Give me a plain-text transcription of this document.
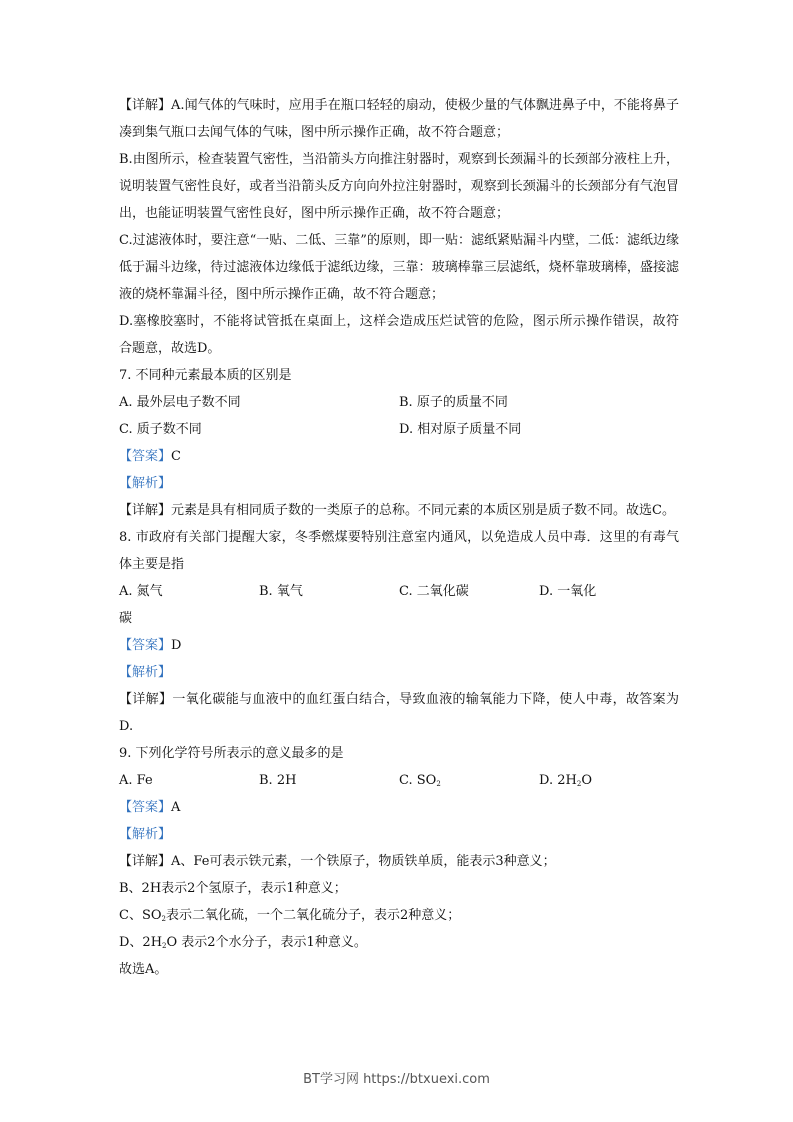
【详解】A.闻气体的气味时，应用手在瓶口轻轻的扇动，使极少量的气体飘进鼻子中，不能将鼻子凑到集气瓶口去闻气体的气味，图中所示操作正确，故不符合题意；

B.由图所示，检查装置气密性，当沿箭头方向推注射器时，观察到长颈漏斗的长颈部分液柱上升，说明装置气密性良好，或者当沿箭头反方向向外拉注射器时，观察到长颈漏斗的长颈部分有气泡冒出，也能证明装置气密性良好，图中所示操作正确，故不符合题意；

C.过滤液体时，要注意“一贴、二低、三靠”的原则，即一贴：滤纸紧贴漏斗内壁，二低：滤纸边缘低于漏斗边缘，待过滤液体边缘低于滤纸边缘，三靠：玻璃棒靠三层滤纸，烧杯靠玻璃棒，盛接滤液的烧杯靠漏斗径，图中所示操作正确，故不符合题意；

D.塞橡胶塞时，不能将试管抵在桌面上，这样会造成压烂试管的危险，图示所示操作错误，故符合题意，故选D。

7. 不同种元素最本质的区别是

A. 最外层电子数不同	B. 原子的质量不同
C. 质子数不同	D. 相对原子质量不同

【答案】C

【解析】

【详解】元素是具有相同质子数的一类原子的总称。不同元素的本质区别是质子数不同。故选C。

8. 市政府有关部门提醒大家，冬季燃煤要特别注意室内通风，以免造成人员中毒．这里的有毒气体主要是指

A. 氮气	B. 氧气	C. 二氧化碳	D. 一氧化

碳

【答案】D

【解析】

【详解】一氧化碳能与血液中的血红蛋白结合，导致血液的输氧能力下降，使人中毒，故答案为D.

9. 下列化学符号所表示的意义最多的是

A. Fe	B. 2H	C. $SO_2$	D. $2H_2O$

【答案】A

【解析】

【详解】A、Fe可表示铁元素，一个铁原子，物质铁单质，能表示3种意义；

B、2H表示2个氢原子，表示1种意义；

C、$SO_2$表示二氧化硫，一个二氧化硫分子，表示2种意义；

D、$2H_2O$ 表示2个水分子，表示1种意义。

故选A。

BT学习网 https://btxuexi.com
